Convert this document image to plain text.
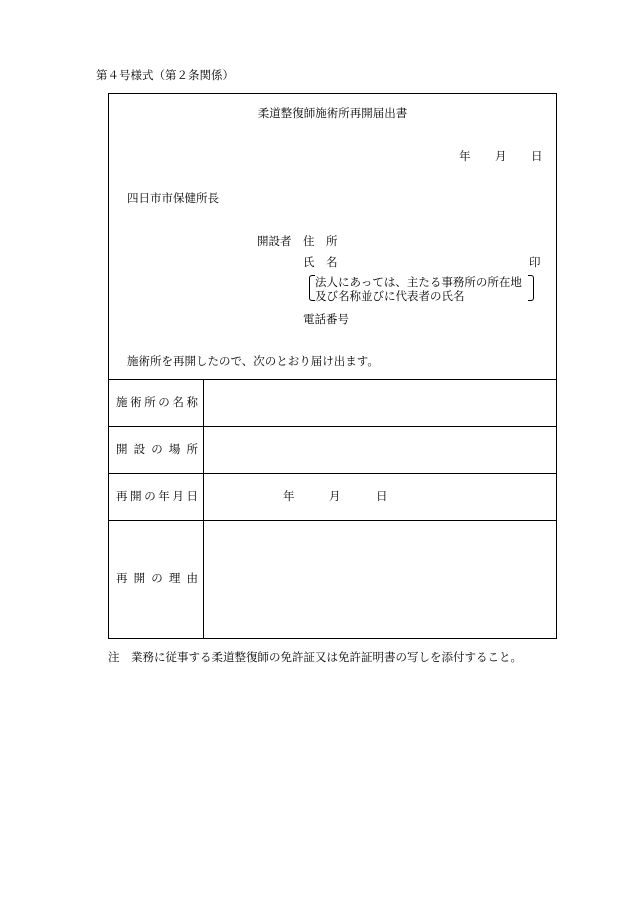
第４号様式（第２条関係）
柔道整復師施術所再開届出書
年 月 日
四日市市保健所長
開設者 住　所
氏　名	印
法人にあっては、主たる事務所の所在地
及び名称並びに代表者の氏名
電話番号
施術所を再開したので、次のとおり届け出ます。
施術所の名称
開設の場所
再開の年月日	年	月	日
再開の理由
注　業務に従事する柔道整復師の免許証又は免許証明書の写しを添付すること。
